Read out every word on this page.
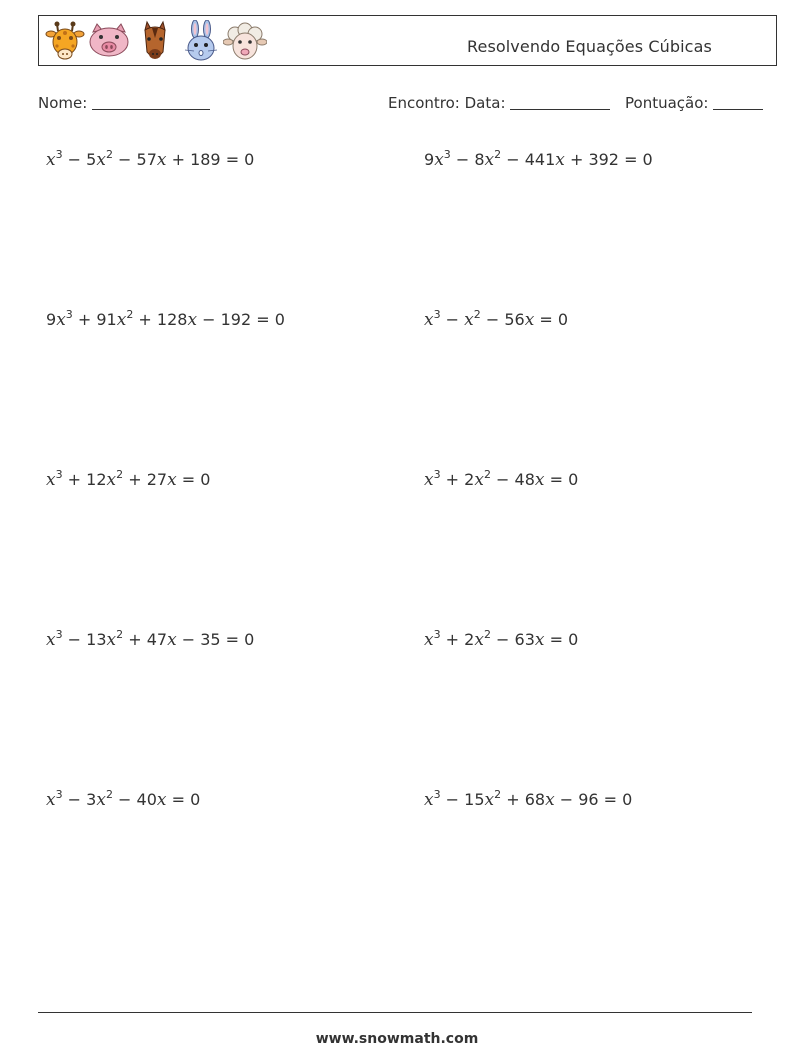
Resolvendo Equações Cúbicas
Nome:	Encontro: Data:	Pontuação:
$x^3 - 5x^2 - 57x + 189 = 0$	$9x^3 - 8x^2 - 441x + 392 = 0$
$9x^3 + 91x^2 + 128x - 192 = 0$	$x^3 - x^2 - 56x = 0$
$x^3 + 12x^2 + 27x = 0$	$x^3 + 2x^2 - 48x = 0$
$x^3 - 13x^2 + 47x - 35 = 0$	$x^3 + 2x^2 - 63x = 0$
$x^3 - 3x^2 - 40x = 0$	$x^3 - 15x^2 + 68x - 96 = 0$
www.snowmath.com
